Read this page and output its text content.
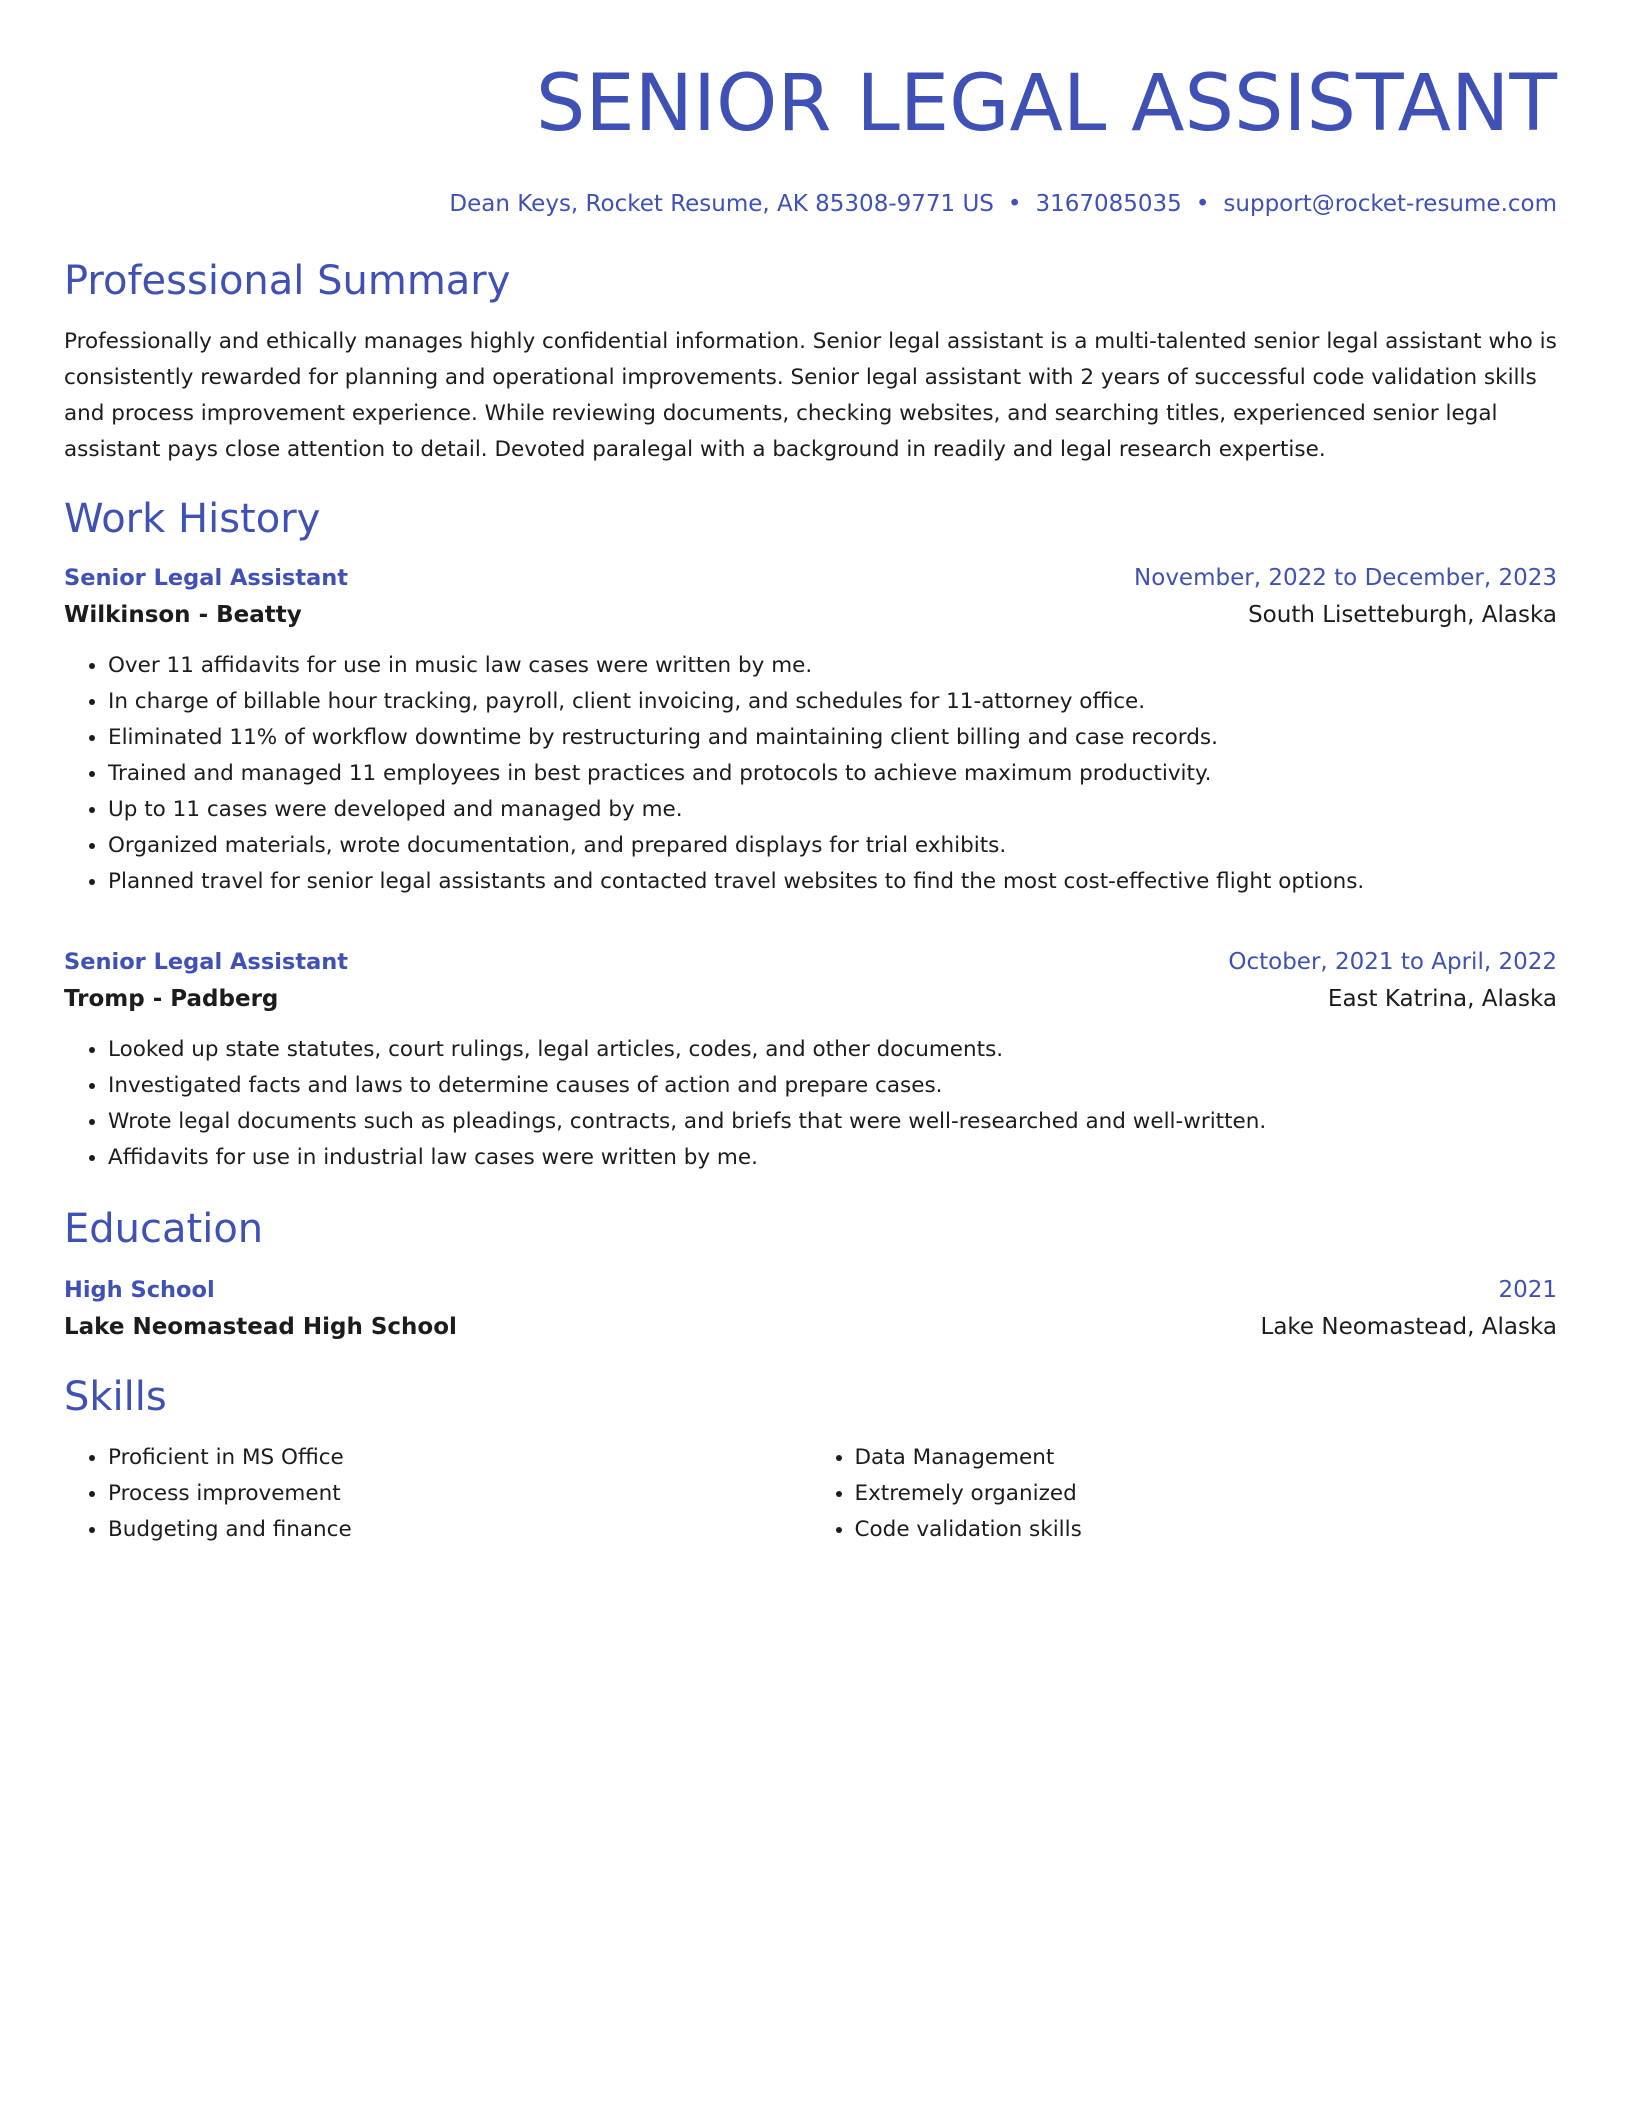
SENIOR LEGAL ASSISTANT
Dean Keys, Rocket Resume, AK 85308-9771 US • 3167085035 • support@rocket-resume.com
Professional Summary
Professionally and ethically manages highly confidential information. Senior legal assistant is a multi-talented senior legal assistant who is consistently rewarded for planning and operational improvements. Senior legal assistant with 2 years of successful code validation skills and process improvement experience. While reviewing documents, checking websites, and searching titles, experienced senior legal assistant pays close attention to detail. Devoted paralegal with a background in readily and legal research expertise.
Work History
Senior Legal Assistant	November, 2022 to December, 2023
Wilkinson - Beatty	South Lisetteburgh, Alaska
• Over 11 affidavits for use in music law cases were written by me.
• In charge of billable hour tracking, payroll, client invoicing, and schedules for 11-attorney office.
• Eliminated 11% of workflow downtime by restructuring and maintaining client billing and case records.
• Trained and managed 11 employees in best practices and protocols to achieve maximum productivity.
• Up to 11 cases were developed and managed by me.
• Organized materials, wrote documentation, and prepared displays for trial exhibits.
• Planned travel for senior legal assistants and contacted travel websites to find the most cost-effective flight options.
Senior Legal Assistant	October, 2021 to April, 2022
Tromp - Padberg	East Katrina, Alaska
• Looked up state statutes, court rulings, legal articles, codes, and other documents.
• Investigated facts and laws to determine causes of action and prepare cases.
• Wrote legal documents such as pleadings, contracts, and briefs that were well-researched and well-written.
• Affidavits for use in industrial law cases were written by me.
Education
High School	2021
Lake Neomastead High School	Lake Neomastead, Alaska
Skills
• Proficient in MS Office
• Process improvement
• Budgeting and finance
• Data Management
• Extremely organized
• Code validation skills
